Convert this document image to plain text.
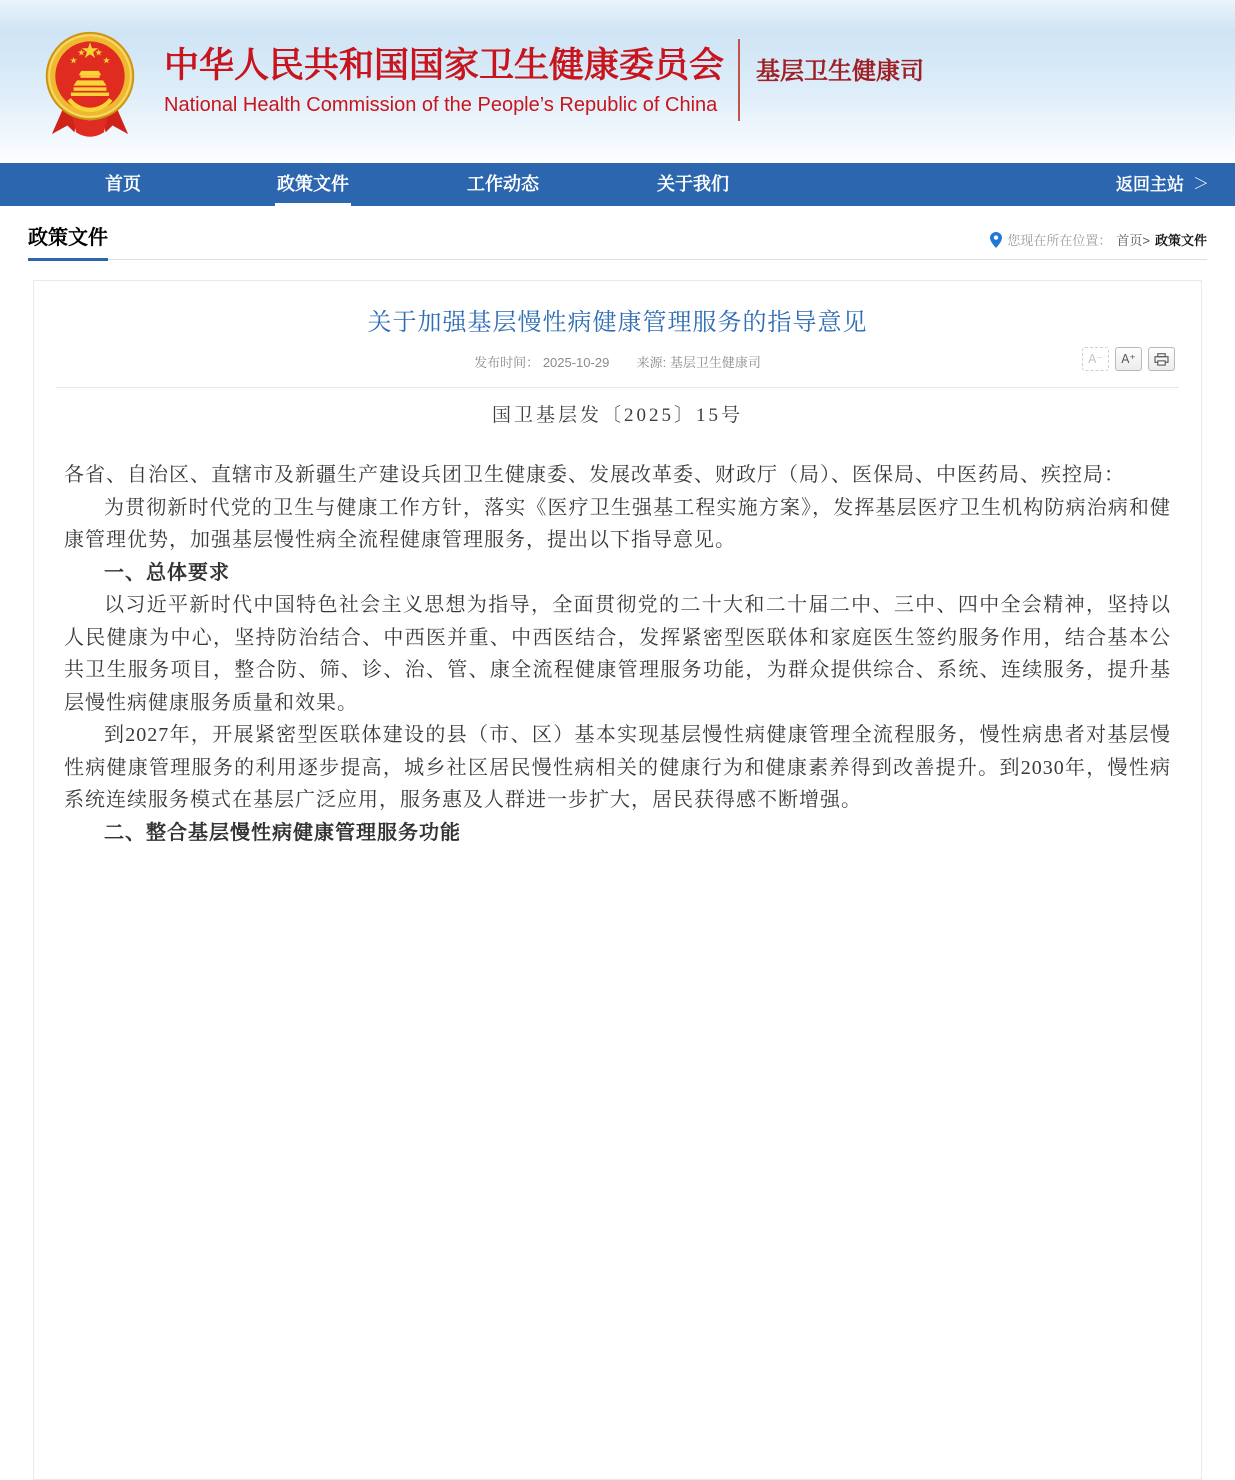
中华人民共和国国家卫生健康委员会
National Health Commission of the People’s Republic of China
基层卫生健康司
首页	政策文件	工作动态	关于我们	返回主站 ＞
政策文件	您现在所在位置： 首页> 政策文件
关于加强基层慢性病健康管理服务的指导意见
发布时间： 2025-10-29 来源: 基层卫生健康司	A⁻	A⁺
国卫基层发〔2025〕15号

各省、自治区、直辖市及新疆生产建设兵团卫生健康委、发展改革委、财政厅（局）、医保局、中医药局、疾控局：

为贯彻新时代党的卫生与健康工作方针，落实《医疗卫生强基工程实施方案》，发挥基层医疗卫生机构防病治病和健康管理优势，加强基层慢性病全流程健康管理服务，提出以下指导意见。

一、总体要求

以习近平新时代中国特色社会主义思想为指导，全面贯彻党的二十大和二十届二中、三中、四中全会精神，坚持以人民健康为中心，坚持防治结合、中西医并重、中西医结合，发挥紧密型医联体和家庭医生签约服务作用，结合基本公共卫生服务项目，整合防、筛、诊、治、管、康全流程健康管理服务功能，为群众提供综合、系统、连续服务，提升基层慢性病健康服务质量和效果。

到2027年，开展紧密型医联体建设的县（市、区）基本实现基层慢性病健康管理全流程服务，慢性病患者对基层慢性病健康管理服务的利用逐步提高，城乡社区居民慢性病相关的健康行为和健康素养得到改善提升。到2030年，慢性病系统连续服务模式在基层广泛应用，服务惠及人群进一步扩大，居民获得感不断增强。

二、整合基层慢性病健康管理服务功能
